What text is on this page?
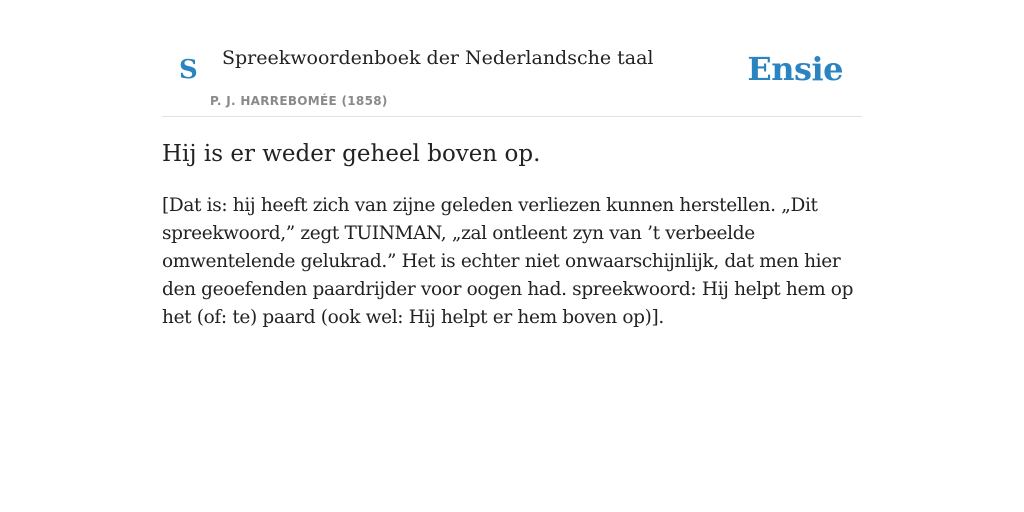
S Spreekwoordenboek der Nederlandsche taal
P. J. HARREBOMÉE (1858)
Ensie
Hij is er weder geheel boven op.

[Dat is: hij heeft zich van zijne geleden verliezen kunnen herstellen. „Dit spreekwoord,” zegt TUINMAN, „zal ontleent zyn van ’t verbeelde omwentelende gelukrad.” Het is echter niet onwaarschijnlijk, dat men hier den geoefenden paardrijder voor oogen had. spreekwoord: Hij helpt hem op het (of: te) paard (ook wel: Hij helpt er hem boven op)].
